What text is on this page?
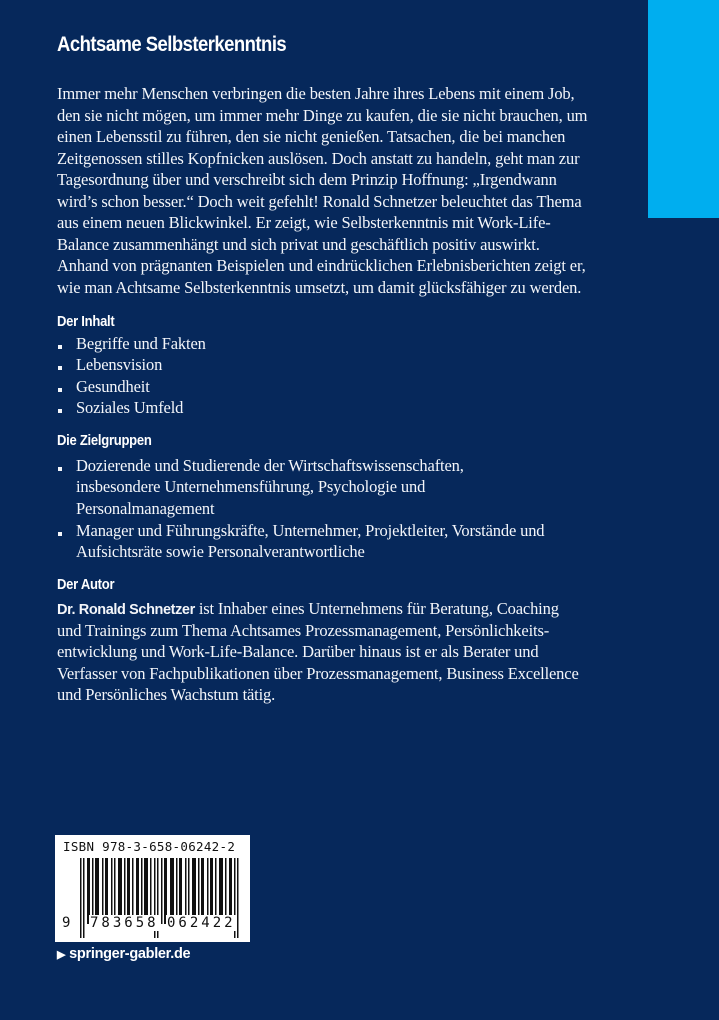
Achtsame Selbsterkenntnis
Immer mehr Menschen verbringen die besten Jahre ihres Lebens mit einem Job,
den sie nicht mögen, um immer mehr Dinge zu kaufen, die sie nicht brauchen, um
einen Lebensstil zu führen, den sie nicht genießen. Tatsachen, die bei manchen
Zeitgenossen stilles Kopfnicken auslösen. Doch anstatt zu handeln, geht man zur
Tagesordnung über und verschreibt sich dem Prinzip Hoffnung: „Irgendwann
wird’s schon besser.“ Doch weit gefehlt! Ronald Schnetzer beleuchtet das Thema
aus einem neuen Blickwinkel. Er zeigt, wie Selbsterkenntnis mit Work-Life-
Balance zusammenhängt und sich privat und geschäftlich positiv auswirkt.
Anhand von prägnanten Beispielen und eindrücklichen Erlebnisberichten zeigt er,
wie man Achtsame Selbsterkenntnis umsetzt, um damit glücksfähiger zu werden.
Der Inhalt
Begriffe und Fakten
Lebensvision
Gesundheit
Soziales Umfeld
Die Zielgruppen
Dozierende und Studierende der Wirtschaftswissenschaften,
insbesondere Unternehmensführung, Psychologie und
Personalmanagement
Manager und Führungskräfte, Unternehmer, Projektleiter, Vorstände und
Aufsichtsräte sowie Personalverantwortliche
Der Autor
Dr. Ronald Schnetzer ist Inhaber eines Unternehmens für Beratung, Coaching
und Trainings zum Thema Achtsames Prozessmanagement, Persönlichkeits-
entwicklung und Work-Life-Balance. Darüber hinaus ist er als Berater und
Verfasser von Fachpublikationen über Prozessmanagement, Business Excellence
und Persönliches Wachstum tätig.
ISBN 978-3-658-06242-2
9 783658 062422
▶ springer-gabler.de
